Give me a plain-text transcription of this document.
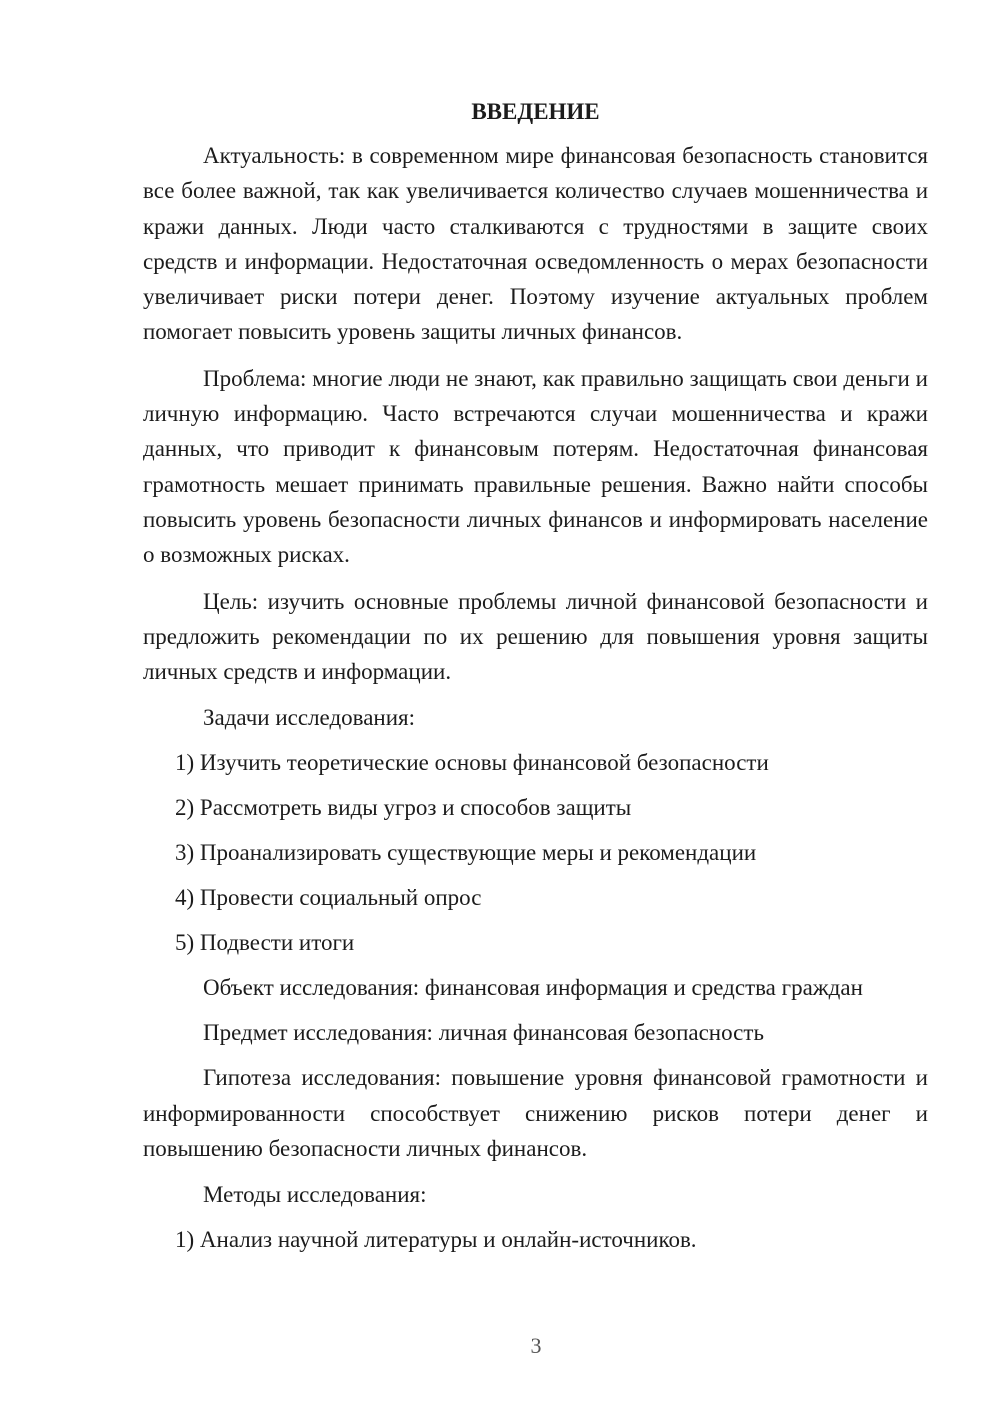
ВВЕДЕНИЕ

Актуальность: в современном мире финансовая безопасность становится все более важной, так как увеличивается количество случаев мошенничества и кражи данных. Люди часто сталкиваются с трудностями в защите своих средств и информации. Недостаточная осведомленность о мерах безопасности увеличивает риски потери денег. Поэтому изучение актуальных проблем помогает повысить уровень защиты личных финансов.

Проблема: многие люди не знают, как правильно защищать свои деньги и личную информацию. Часто встречаются случаи мошенничества и кражи данных, что приводит к финансовым потерям. Недостаточная финансовая грамотность мешает принимать правильные решения. Важно найти способы повысить уровень безопасности личных финансов и информировать население о возможных рисках.

Цель: изучить основные проблемы личной финансовой безопасности и предложить рекомендации по их решению для повышения уровня защиты личных средств и информации.

Задачи исследования:
1) Изучить теоретические основы финансовой безопасности
2) Рассмотреть виды угроз и способов защиты
3) Проанализировать существующие меры и рекомендации
4) Провести социальный опрос
5) Подвести итоги
Объект исследования: финансовая информация и средства граждан
Предмет исследования: личная финансовая безопасность

Гипотеза исследования: повышение уровня финансовой грамотности и информированности способствует снижению рисков потери денег и повышению безопасности личных финансов.

Методы исследования:
1) Анализ научной литературы и онлайн-источников.
3
